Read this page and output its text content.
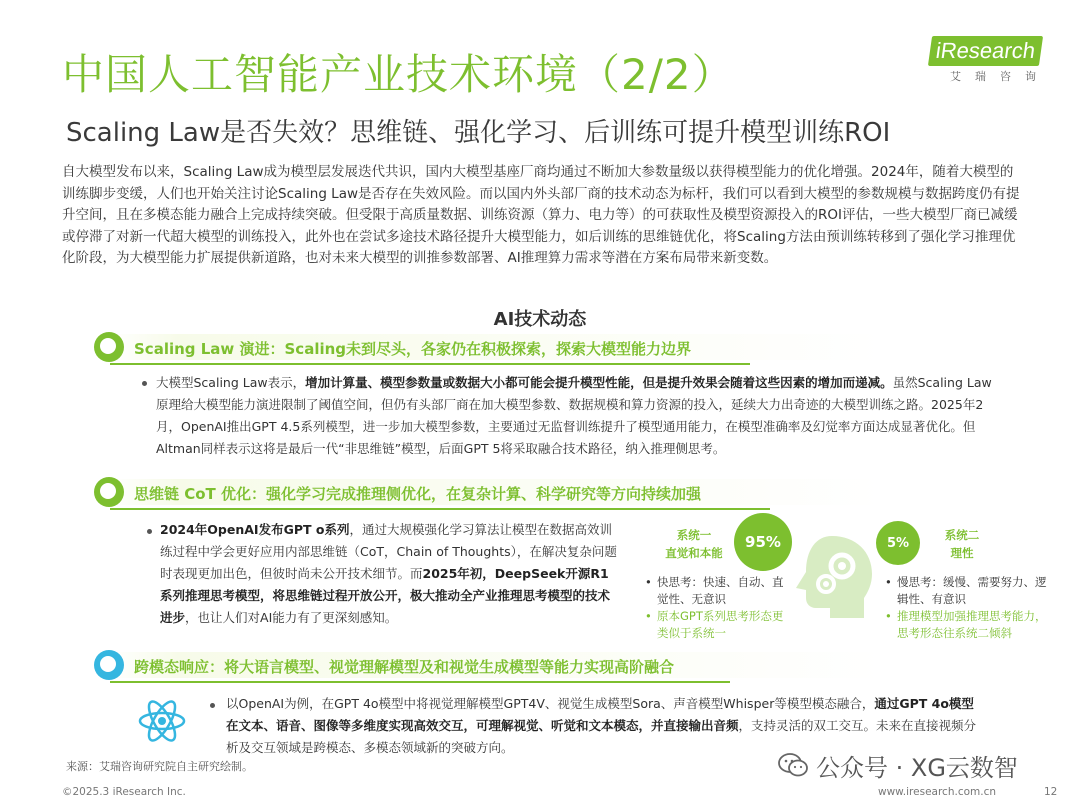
中国人工智能产业技术环境（2/2）
Scaling Law是否失效？思维链、强化学习、后训练可提升模型训练ROI
iResearch
艾瑞咨询
自大模型发布以来，Scaling Law成为模型层发展迭代共识，国内大模型基座厂商均通过不断加大参数量级以获得模型能力的优化增强。2024年，随着大模型的训练脚步变缓，人们也开始关注讨论Scaling Law是否存在失效风险。而以国内外头部厂商的技术动态为标杆，我们可以看到大模型的参数规模与数据跨度仍有提升空间，且在多模态能力融合上完成持续突破。但受限于高质量数据、训练资源（算力、电力等）的可获取性及模型资源投入的ROI评估，一些大模型厂商已减缓或停滞了对新一代超大模型的训练投入，此外也在尝试多途技术路径提升大模型能力，如后训练的思维链优化，将Scaling方法由预训练转移到了强化学习推理优化阶段，为大模型能力扩展提供新道路，也对未来大模型的训推参数部署、AI推理算力需求等潜在方案布局带来新变数。
AI技术动态
Scaling Law 演进：Scaling未到尽头，各家仍在积极探索，探索大模型能力边界
大模型Scaling Law表示，增加计算量、模型参数量或数据大小都可能会提升模型性能，但是提升效果会随着这些因素的增加而递减。虽然Scaling Law原理给大模型能力演进限制了阈值空间，但仍有头部厂商在加大模型参数、数据规模和算力资源的投入，延续大力出奇迹的大模型训练之路。2025年2月，OpenAI推出GPT 4.5系列模型，进一步加大模型参数，主要通过无监督训练提升了模型通用能力，在模型准确率及幻觉率方面达成显著优化。但Altman同样表示这将是最后一代“非思维链”模型，后面GPT 5将采取融合技术路径，纳入推理侧思考。
思维链 CoT 优化：强化学习完成推理侧优化，在复杂计算、科学研究等方向持续加强
2024年OpenAI发布GPT o系列，通过大规模强化学习算法让模型在数据高效训练过程中学会更好应用内部思维链（CoT，Chain of Thoughts），在解决复杂问题时表现更加出色，但彼时尚未公开技术细节。而2025年初，DeepSeek开源R1系列推理思考模型，将思维链过程开放公开，极大推动全产业推理思考模型的技术进步，也让人们对AI能力有了更深刻感知。
系统一
直觉和本能
95%	5%
系统二
理性
• 快思考：快速、自动、直觉性、无意识
• 原本GPT系列思考形态更类似于系统一
• 慢思考：缓慢、需要努力、逻辑性、有意识
• 推理模型加强推理思考能力，思考形态往系统二倾斜
跨模态响应：将大语言模型、视觉理解模型及和视觉生成模型等能力实现高阶融合
以OpenAI为例，在GPT 4o模型中将视觉理解模型GPT4V、视觉生成模型Sora、声音模型Whisper等模型模态融合，通过GPT 4o模型在文本、语音、图像等多维度实现高效交互，可理解视觉、听觉和文本模态，并直接输出音频，支持灵活的双工交互。未来在直接视频分析及交互领域是跨模态、多模态领域新的突破方向。
来源：艾瑞咨询研究院自主研究绘制。
©2025.3 iResearch Inc.
公众号 · XG云数智
www.iresearch.com.cn	12
